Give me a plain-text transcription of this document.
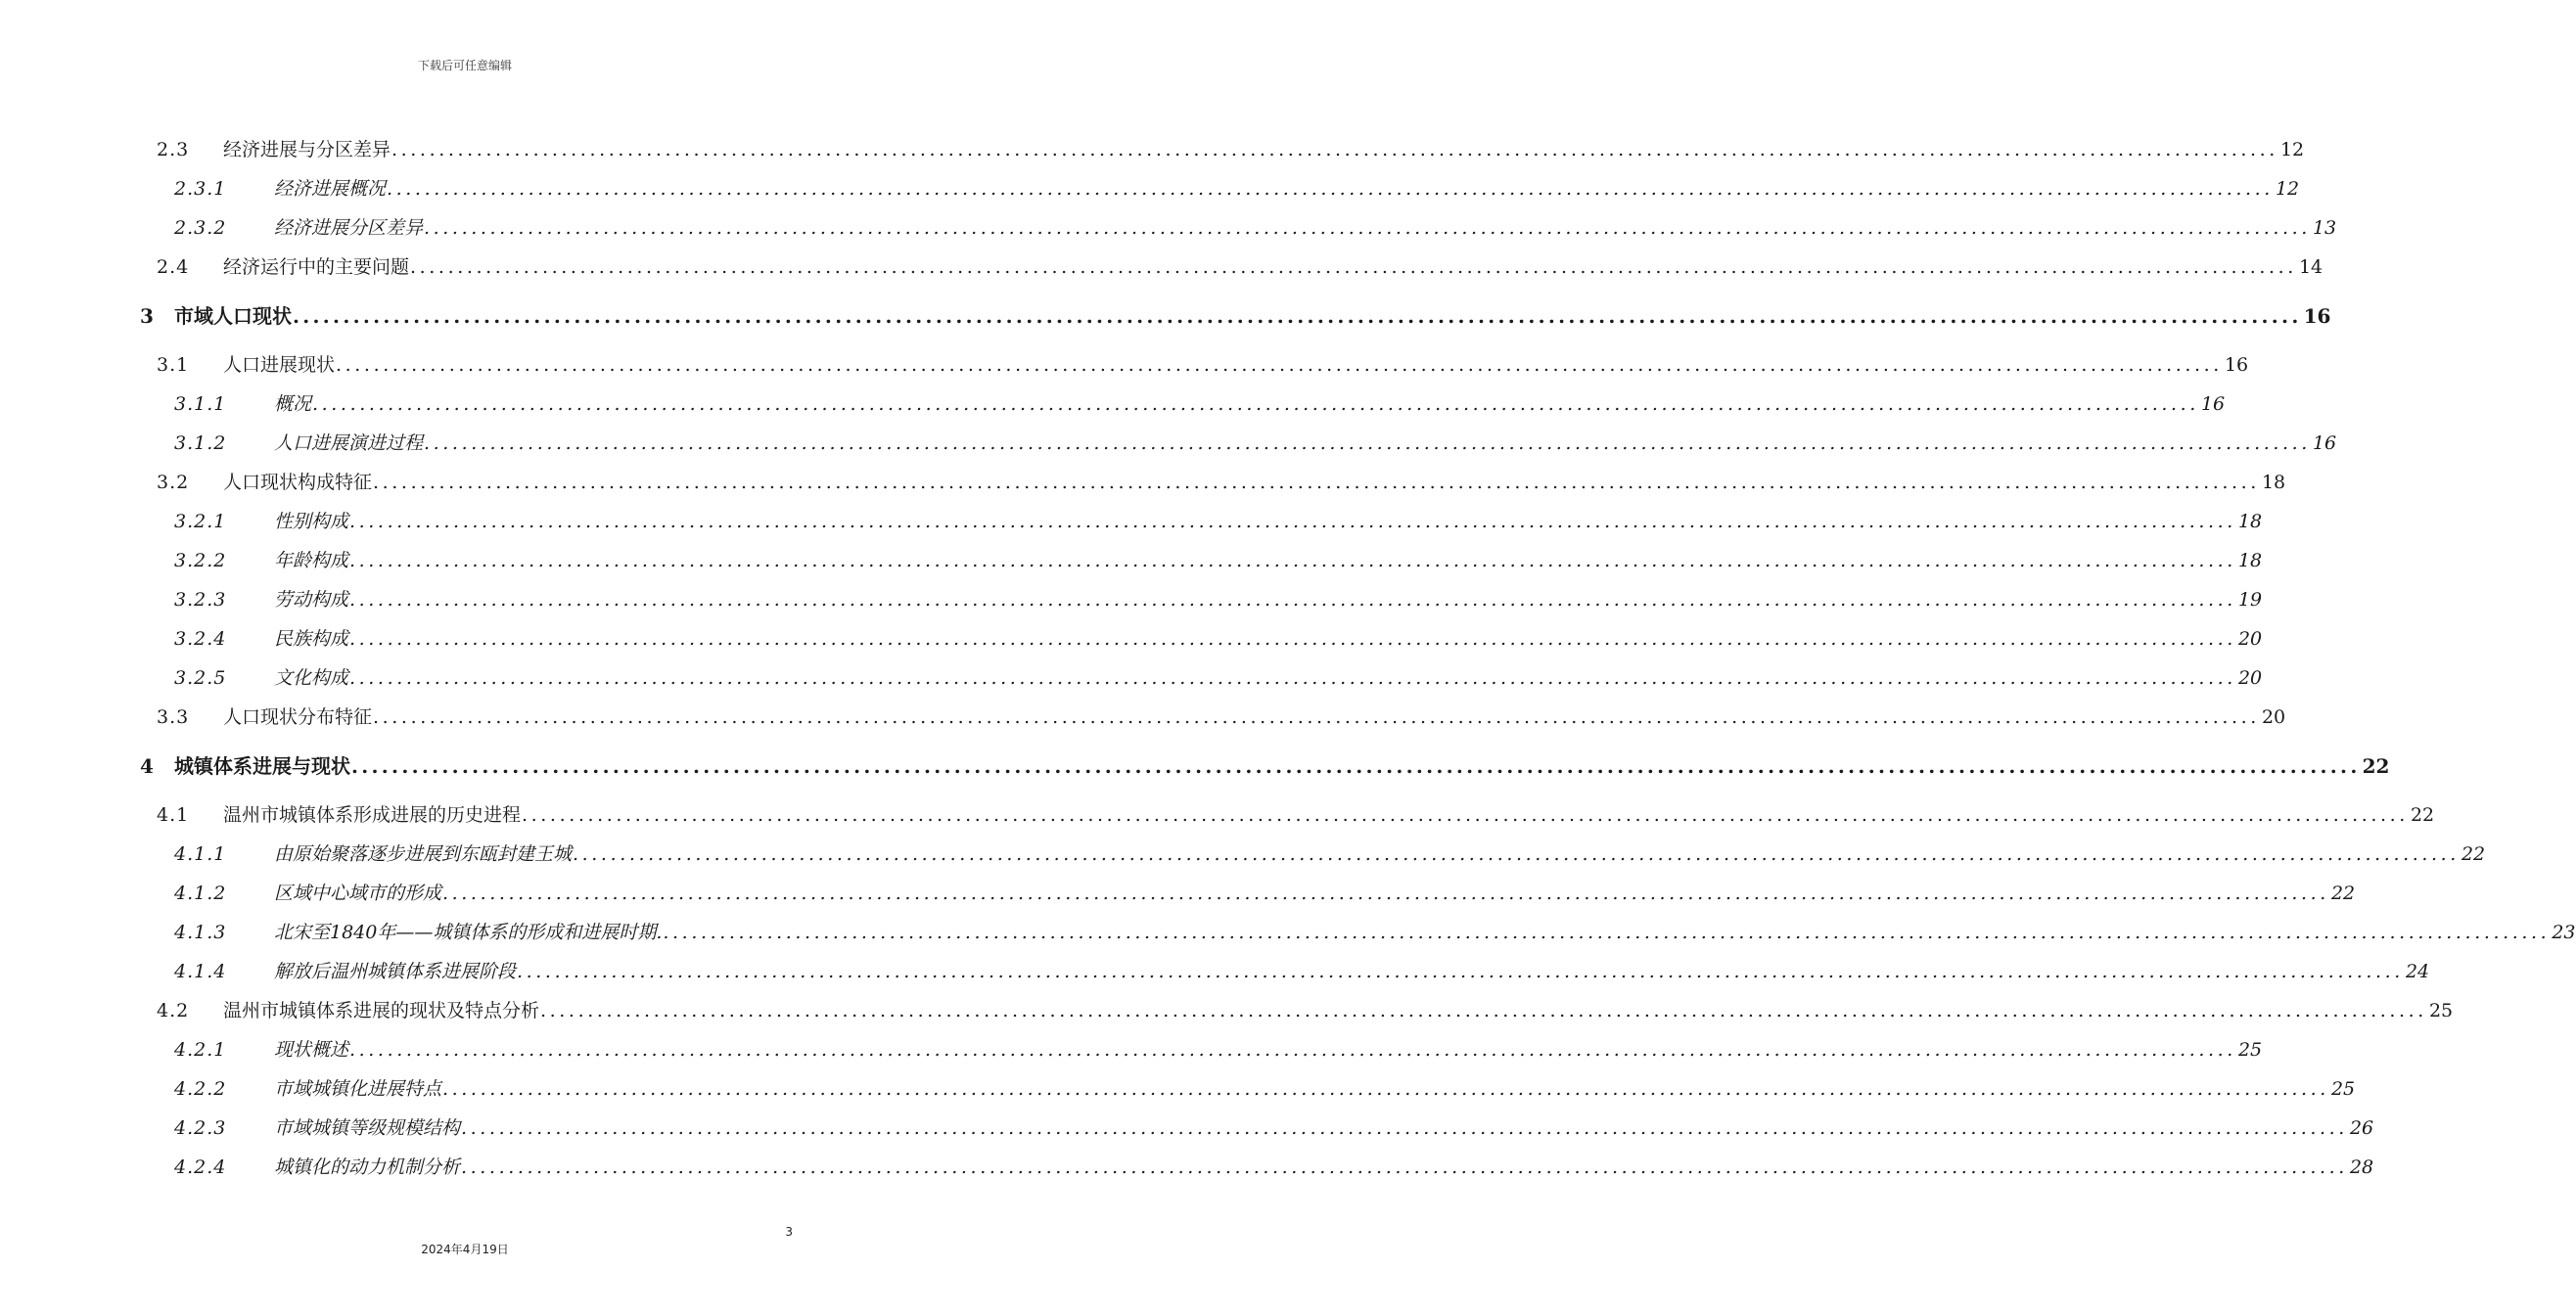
下载后可任意编辑
2.3	经济进展与分区差异 ........................................................................................................................................................................................................ 12
2.3.1	经济进展概况 ........................................................................................................................................................................................................ 12
2.3.2	经济进展分区差异 ........................................................................................................................................................................................................ 13
2.4	经济运行中的主要问题 ........................................................................................................................................................................................................ 14
3	市域人口现状 ........................................................................................................................................................................................................ 16
3.1	人口进展现状 ........................................................................................................................................................................................................ 16
3.1.1	概况 ........................................................................................................................................................................................................ 16
3.1.2	人口进展演进过程 ........................................................................................................................................................................................................ 16
3.2	人口现状构成特征 ........................................................................................................................................................................................................ 18
3.2.1	性别构成 ........................................................................................................................................................................................................ 18
3.2.2	年龄构成 ........................................................................................................................................................................................................ 18
3.2.3	劳动构成 ........................................................................................................................................................................................................ 19
3.2.4	民族构成 ........................................................................................................................................................................................................ 20
3.2.5	文化构成 ........................................................................................................................................................................................................ 20
3.3	人口现状分布特征 ........................................................................................................................................................................................................ 20
4	城镇体系进展与现状 ........................................................................................................................................................................................................ 22
4.1	温州市城镇体系形成进展的历史进程 ........................................................................................................................................................................................................ 22
4.1.1	由原始聚落逐步进展到东瓯封建王城 ........................................................................................................................................................................................................ 22
4.1.2	区域中心域市的形成 ........................................................................................................................................................................................................ 22
4.1.3	北宋至1840年——城镇体系的形成和进展时期. ........................................................................................................................................................................................................ 23
4.1.4	解放后温州城镇体系进展阶段 ........................................................................................................................................................................................................ 24
4.2	温州市城镇体系进展的现状及特点分析 ........................................................................................................................................................................................................ 25
4.2.1	现状概述 ........................................................................................................................................................................................................ 25
4.2.2	市域城镇化进展特点 ........................................................................................................................................................................................................ 25
4.2.3	市域城镇等级规模结构 ........................................................................................................................................................................................................ 26
4.2.4	城镇化的动力机制分析 ........................................................................................................................................................................................................ 28
3
2024年4月19日
